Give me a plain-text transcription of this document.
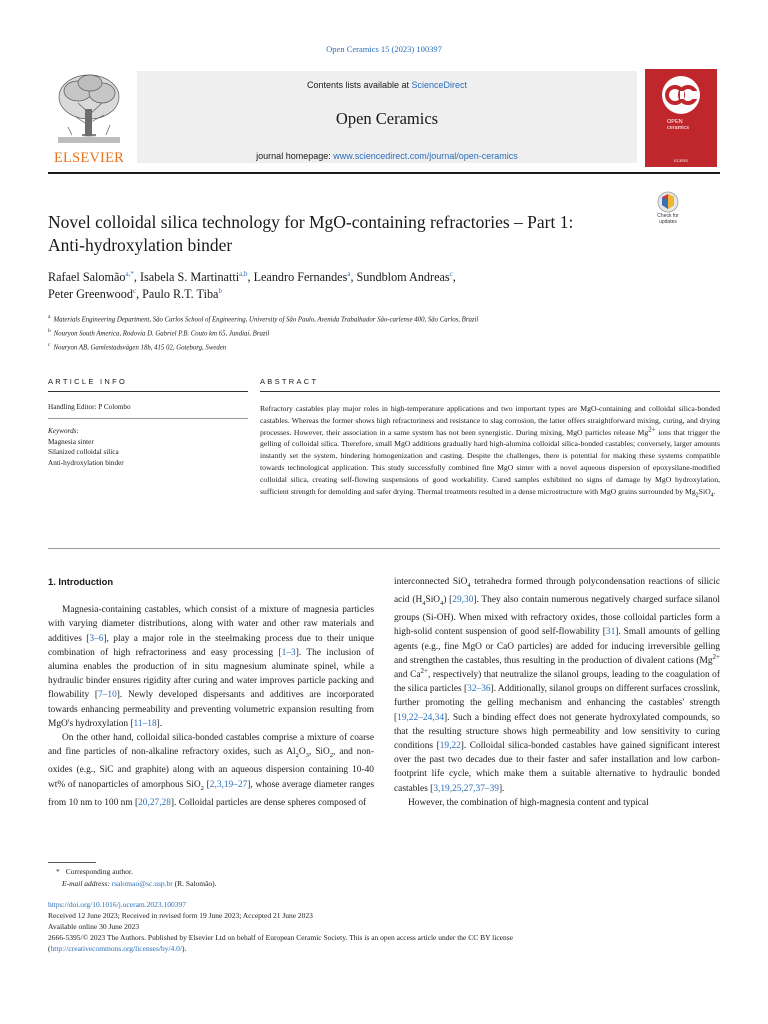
Open Ceramics 15 (2023) 100397
ELSEVIER
Contents lists available at ScienceDirect
Open Ceramics
journal homepage: www.sciencedirect.com/journal/open-ceramics
OPEN
ceramics
ECERS
Novel colloidal silica technology for MgO-containing refractories – Part 1: Anti-hydroxylation binder
Check for
updates
Rafael Salomão$^{a,*}$, Isabela S. Martinatti$^{a,b}$, Leandro Fernandes$^a$, Sundblom Andreas$^c$,
Peter Greenwood$^c$, Paulo R.T. Tiba$^b$
$^a$ Materials Engineering Department, São Carlos School of Engineering, University of São Paulo, Avenida Trabalhador São-carlense 400, São Carlos, Brazil
$^b$ Nouryon South America, Rodovia D. Gabriel P.B. Couto km 65, Jundiaí, Brazil
$^c$ Nouryon AB, Gamlestadsvägen 18b, 415 02, Goteborg, Sweden
ARTICLE INFO	ABSTRACT
Handling Editor: P Colombo
Keywords:
Magnesia sinter
Silanized colloidal silica
Anti-hydroxylation binder
Refractory castables play major roles in high-temperature applications and two important types are MgO-containing and colloidal silica-bonded castables. Whereas the former shows high refractoriness and resistance to slag corrosion, the latter offers straightforward mixing, curing, and drying processes. However, their association in a same system has not been synergistic. During mixing, MgO particles release $Mg^{2+}$ ions that trigger the gelling of colloidal silica. Therefore, small MgO additions gradually hard high-alumina colloidal silica-bonded castables; conversely, larger amounts instantly set the system, hindering homogenization and casting. Despite the challenges, there is potential for making these systems compatible towards technological application. This study successfully combined fine MgO sinter with a novel aqueous dispersion of epoxysilane-modified colloidal silica, creating self-flowing suspensions of good workability. Cured samples exhibited no signs of damage by MgO hydroxylation, sufficient strength for demolding and safer drying. Thermal treatments resulted in a dense microstructure with MgO grains surrounded by $Mg_2SiO_4$.
1. Introduction

Magnesia-containing castables, which consist of a mixture of magnesia particles with varying diameter distributions, along with water and other raw materials and additives [3–6], play a major role in the steelmaking process due to their unique combination of high refractoriness and easy processing [1–3]. The inclusion of alumina enables the production of in situ magnesium aluminate spinel, while a hydraulic binder ensures rigidity after curing and water improves particle packing and flowability [7–10]. Newly developed dispersants and additives are incorporated towards enhancing permeability and preventing volumetric expansion resulting from MgO's hydroxylation [11–18].

On the other hand, colloidal silica-bonded castables comprise a mixture of coarse and fine particles of non-alkaline refractory oxides, such as $Al_2O_3$, SiO$_2$, and non-oxides (e.g., SiC and graphite) along with an aqueous dispersion containing 10-40 wt% of nanoparticles of amorphous SiO$_2$ [2,3,19–27], whose average diameter ranges from 10 nm to 100 nm [20,27,28]. Colloidal particles are dense spheres composed of

interconnected SiO$_4$ tetrahedra formed through polycondensation reactions of silicic acid $(H_4SiO_4)$ [29,30]. They also contain numerous negatively charged surface silanol groups (Si-OH). When mixed with refractory oxides, those colloidal particles form a high-solid content suspension of good self-flowability [31]. Small amounts of gelling agents (e.g., fine MgO or CaO particles) are added for inducing irreversible gelling and strengthen the castables, thus resulting in the production of divalent cations ($Mg^{2+}$ and $Ca^{2+}$, respectively) that neutralize the silanol groups, leading to the coagulation of the silica particles [32–36]. Additionally, silanol groups on different surfaces crosslink, further promoting the gelling mechanism and enhancing the castables' strength [19,22–24,34]. Such a binding effect does not generate hydroxylated compounds, so that the resulting structure shows high permeability and low sensitivity to curing conditions [19,22]. Colloidal silica-bonded castables have gained significant interest over the past two decades due to their faster and safer installation and low carbon-footprint life cycle, which make them a suitable alternative to hydraulic bonded castables [3,19,25,27,37–39].

However, the combination of high-magnesia content and typical

* Corresponding author.
E-mail address: rsalomao@sc.usp.br (R. Salomão).
https://doi.org/10.1016/j.oceram.2023.100397
Received 12 June 2023; Received in revised form 19 June 2023; Accepted 21 June 2023
Available online 30 June 2023
2666-5395/© 2023 The Authors. Published by Elsevier Ltd on behalf of European Ceramic Society. This is an open access article under the CC BY license
(http://creativecommons.org/licenses/by/4.0/).
